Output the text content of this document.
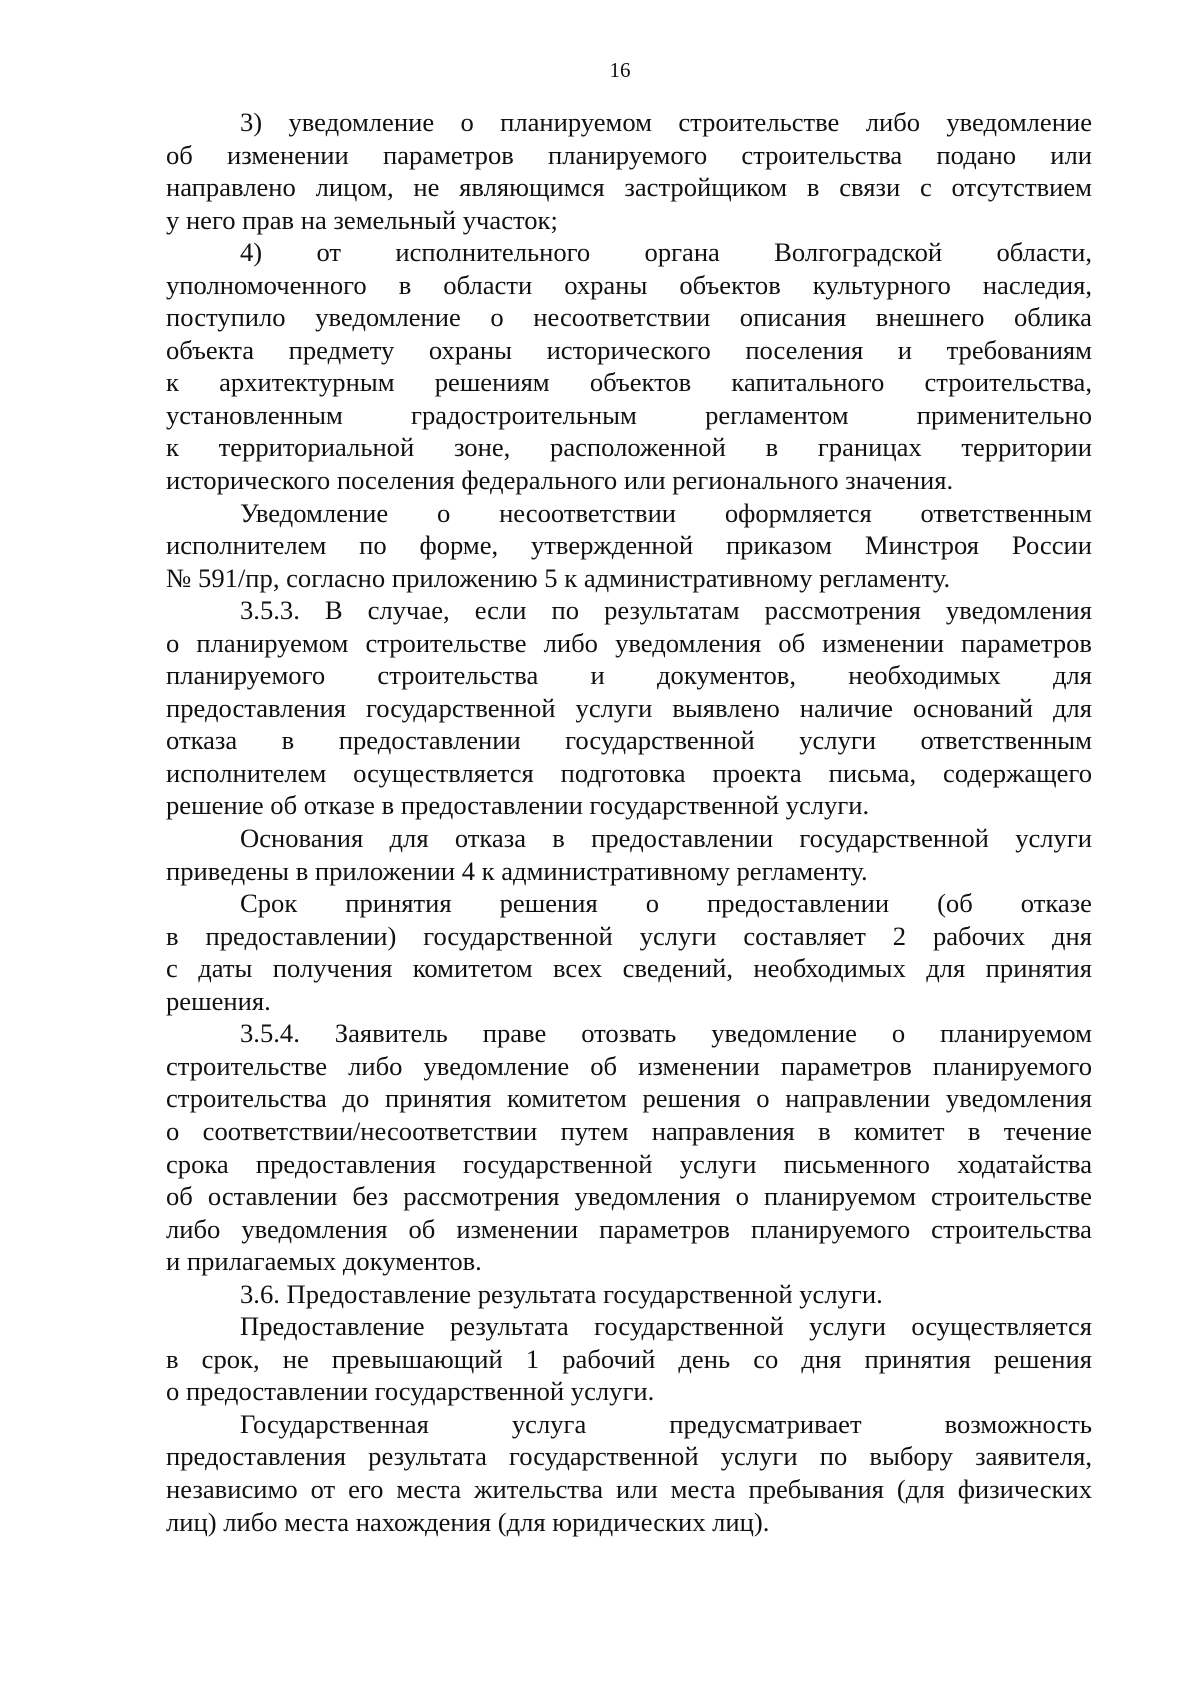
16

3) уведомление о планируемом строительстве либо уведомление
об изменении параметров планируемого строительства подано или
направлено лицом, не являющимся застройщиком в связи с отсутствием
у него прав на земельный участок;

4) от исполнительного органа Волгоградской области,
уполномоченного в области охраны объектов культурного наследия,
поступило уведомление о несоответствии описания внешнего облика
объекта предмету охраны исторического поселения и требованиям
к архитектурным решениям объектов капитального строительства,
установленным градостроительным регламентом применительно
к территориальной зоне, расположенной в границах территории
исторического поселения федерального или регионального значения.

Уведомление о несоответствии оформляется ответственным
исполнителем по форме, утвержденной приказом Минстроя России
№ 591/пр, согласно приложению 5 к административному регламенту.

3.5.3. В случае, если по результатам рассмотрения уведомления
о планируемом строительстве либо уведомления об изменении параметров
планируемого строительства и документов, необходимых для
предоставления государственной услуги выявлено наличие оснований для
отказа в предоставлении государственной услуги ответственным
исполнителем осуществляется подготовка проекта письма, содержащего
решение об отказе в предоставлении государственной услуги.

Основания для отказа в предоставлении государственной услуги
приведены в приложении 4 к административному регламенту.

Срок принятия решения о предоставлении (об отказе
в предоставлении) государственной услуги составляет 2 рабочих дня
с даты получения комитетом всех сведений, необходимых для принятия
решения.

3.5.4. Заявитель праве отозвать уведомление о планируемом
строительстве либо уведомление об изменении параметров планируемого
строительства до принятия комитетом решения о направлении уведомления
о соответствии/несоответствии путем направления в комитет в течение
срока предоставления государственной услуги письменного ходатайства
об оставлении без рассмотрения уведомления о планируемом строительстве
либо уведомления об изменении параметров планируемого строительства
и прилагаемых документов.

3.6. Предоставление результата государственной услуги.

Предоставление результата государственной услуги осуществляется
в срок, не превышающий 1 рабочий день со дня принятия решения
о предоставлении государственной услуги.

Государственная услуга предусматривает возможность
предоставления результата государственной услуги по выбору заявителя,
независимо от его места жительства или места пребывания (для физических
лиц) либо места нахождения (для юридических лиц).
